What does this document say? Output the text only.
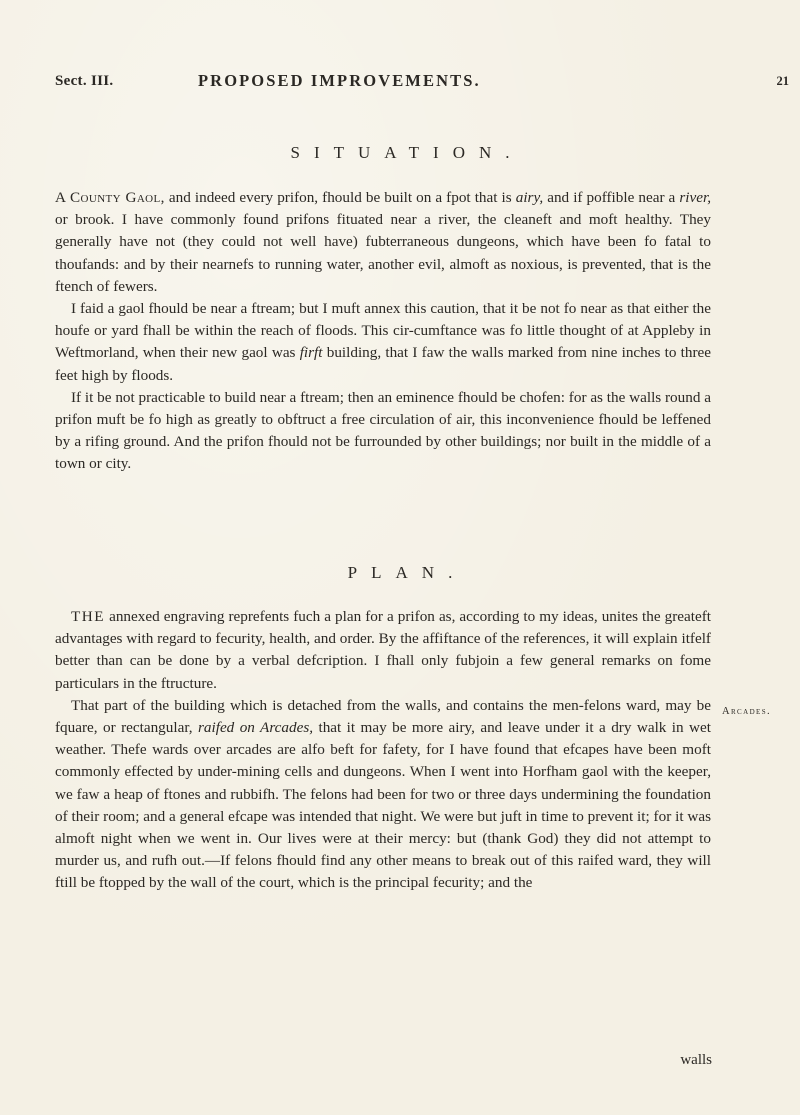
Sect. III.	PROPOSED IMPROVEMENTS.	21
SITUATION.

A County Gaol, and indeed every prifon, fhould be built on a fpot that is airy, and if poffible near a river, or brook. I have commonly found prifons fituated near a river, the cleaneft and moft healthy. They generally have not (they could not well have) fubterraneous dungeons, which have been fo fatal to thoufands: and by their nearnefs to running water, another evil, almoft as noxious, is prevented, that is the ftench of fewers.

I faid a gaol fhould be near a ftream; but I muft annex this caution, that it be not fo near as that either the houfe or yard fhall be within the reach of floods. This cir-cumftance was fo little thought of at Appleby in Weftmorland, when their new gaol was firft building, that I faw the walls marked from nine inches to three feet high by floods.

If it be not practicable to build near a ftream; then an eminence fhould be chofen: for as the walls round a prifon muft be fo high as greatly to obftruct a free circulation of air, this inconvenience fhould be leffened by a rifing ground. And the prifon fhould not be furrounded by other buildings; nor built in the middle of a town or city.

PLAN.

THE annexed engraving reprefents fuch a plan for a prifon as, according to my ideas, unites the greateft advantages with regard to fecurity, health, and order. By the affiftance of the references, it will explain itfelf better than can be done by a verbal defcription. I fhall only fubjoin a few general remarks on fome particulars in the ftructure.

That part of the building which is detached from the walls, and contains the men-felons ward, may be fquare, or rectangular, raifed on Arcades, that it may be more airy, and leave under it a dry walk in wet weather. Thefe wards over arcades are alfo beft for fafety, for I have found that efcapes have been moft commonly effected by under-mining cells and dungeons. When I went into Horfham gaol with the keeper, we faw a heap of ftones and rubbifh. The felons had been for two or three days undermining the foundation of their room; and a general efcape was intended that night. We were but juft in time to prevent it; for it was almoft night when we went in. Our lives were at their mercy: but (thank God) they did not attempt to murder us, and rufh out.—If felons fhould find any other means to break out of this raifed ward, they will ftill be ftopped by the wall of the court, which is the principal fecurity; and the

Arcades.
walls
